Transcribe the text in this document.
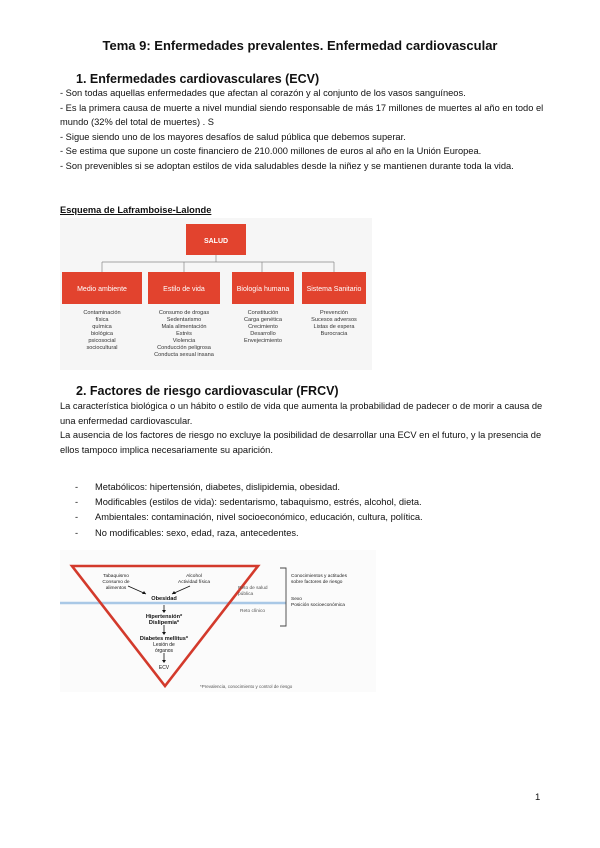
Tema 9: Enfermedades prevalentes. Enfermedad cardiovascular
1. Enfermedades cardiovasculares (ECV)

- Son todas aquellas enfermedades que afectan al corazón y al conjunto de los vasos sanguíneos.

- Es la primera causa de muerte a nivel mundial siendo responsable de más 17 millones de muertes al año en todo el mundo (32% del total de muertes) . S

- Sigue siendo uno de los mayores desafíos de salud pública que debemos superar.

- Se estima que supone un coste financiero de 210.000 millones de euros al año en la Unión Europea.

- Son prevenibles si se adoptan estilos de vida saludables desde la niñez y se mantienen durante toda la vida.

Esquema de Laframboise-Lalonde
SALUD
Medio ambiente	Estilo de vida	Biología humana Sistema Sanitario
Contaminación
física
química
biológica
psicosocial
sociocultural
Consumo de drogas
Sedentarismo
Mala alimentación
Estrés
Violencia
Conducción peligrosa
Conducta sexual insana
Constitución
Carga genética
Crecimiento
Desarrollo
Envejecimiento
Prevención
Sucesos adversos
Listas de espera
Burocracia
2. Factores de riesgo cardiovascular (FRCV)

La característica biológica o un hábito o estilo de vida que aumenta la probabilidad de padecer o de morir a causa de una enfermedad cardiovascular.

La ausencia de los factores de riesgo no excluye la posibilidad de desarrollar una ECV en el futuro, y la presencia de ellos tampoco implica necesariamente su aparición.

- Metabólicos: hipertensión, diabetes, dislipidemia, obesidad.
- Modificables (estilos de vida): sedentarismo, tabaquismo, estrés, alcohol, dieta.
- Ambientales: contaminación, nivel socioeconómico, educación, cultura, política.
- No modificables: sexo, edad, raza, antecedentes.
Tabaquismo
Consumo de
alimentos
Alcohol
Actividad física
Obesidad
Hipertensión*
Dislipemia*
Diabetes mellitus*
Lesión de
órganos
ECV
Reto de salud
pública
Reto clínico
Conocimientos y actitudes
sobre factores de riesgo
Sexo
Posición socioeconómica
*Prevalencia, conocimiento y control de riesgo
1
